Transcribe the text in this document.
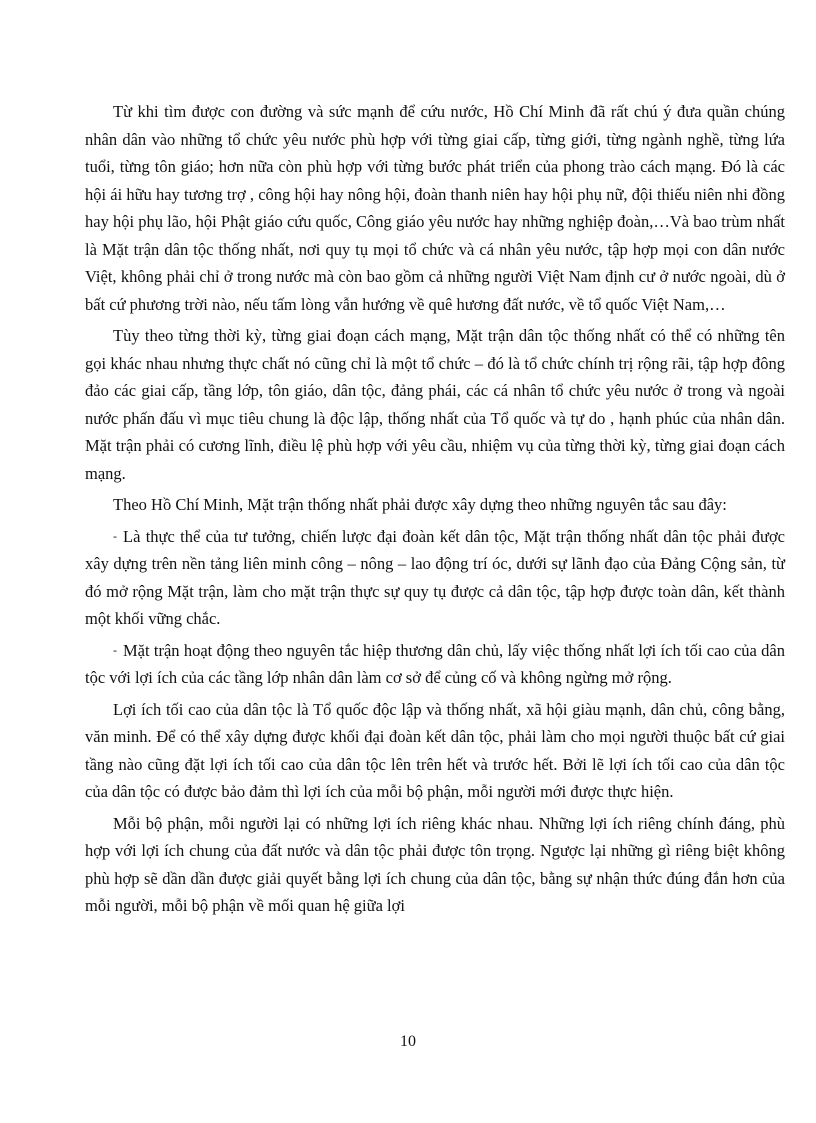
Từ khi tìm được con đường và sức mạnh để cứu nước, Hồ Chí Minh đã rất chú ý đưa quần chúng nhân dân vào những tổ chức yêu nước phù hợp với từng giai cấp, từng giới, từng ngành nghề, từng lứa tuổi, từng tôn giáo; hơn nữa còn phù hợp với từng bước phát triển của phong trào cách mạng. Đó là các hội ái hữu hay tương trợ , công hội hay nông hội, đoàn thanh niên hay hội phụ nữ, đội thiếu niên nhi đồng hay hội phụ lão, hội Phật giáo cứu quốc, Công giáo yêu nước hay những nghiệp đoàn,…Và bao trùm nhất là Mặt trận dân tộc thống nhất, nơi quy tụ mọi tổ chức và cá nhân yêu nước, tập hợp mọi con dân nước Việt, không phải chỉ ở trong nước mà còn bao gồm cả những người Việt Nam định cư ở nước ngoài, dù ở bất cứ phương trời nào, nếu tấm lòng vẫn hướng về quê hương đất nước, về tổ quốc Việt Nam,…

Tùy theo từng thời kỳ, từng giai đoạn cách mạng, Mặt trận dân tộc thống nhất có thể có những tên gọi khác nhau nhưng thực chất nó cũng chỉ là một tổ chức – đó là tổ chức chính trị rộng rãi, tập hợp đông đảo các giai cấp, tầng lớp, tôn giáo, dân tộc, đảng phái, các cá nhân tổ chức yêu nước ở trong và ngoài nước phấn đấu vì mục tiêu chung là độc lập, thống nhất của Tổ quốc và tự do , hạnh phúc của nhân dân. Mặt trận phải có cương lĩnh, điều lệ phù hợp với yêu cầu, nhiệm vụ của từng thời kỳ, từng giai đoạn cách mạng.

Theo Hồ Chí Minh, Mặt trận thống nhất phải được xây dựng theo những nguyên tắc sau đây:

- Là thực thể của tư tưởng, chiến lược đại đoàn kết dân tộc, Mặt trận thống nhất dân tộc phải được xây dựng trên nền tảng liên minh công – nông – lao động trí óc, dưới sự lãnh đạo của Đảng Cộng sản, từ đó mở rộng Mặt trận, làm cho mặt trận thực sự quy tụ được cả dân tộc, tập hợp được toàn dân, kết thành một khối vững chắc.

- Mặt trận hoạt động theo nguyên tắc hiệp thương dân chủ, lấy việc thống nhất lợi ích tối cao của dân tộc với lợi ích của các tầng lớp nhân dân làm cơ sở để củng cố và không ngừng mở rộng.

Lợi ích tối cao của dân tộc là Tổ quốc độc lập và thống nhất, xã hội giàu mạnh, dân chủ, công bằng, văn minh. Để có thể xây dựng được khối đại đoàn kết dân tộc, phải làm cho mọi người thuộc bất cứ giai tầng nào cũng đặt lợi ích tối cao của dân tộc lên trên hết và trước hết. Bởi lẽ lợi ích tối cao của dân tộc của dân tộc có được bảo đảm thì lợi ích của mỗi bộ phận, mỗi người mới được thực hiện.

Mỗi bộ phận, mỗi người lại có những lợi ích riêng khác nhau. Những lợi ích riêng chính đáng, phù hợp với lợi ích chung của đất nước và dân tộc phải được tôn trọng. Ngược lại những gì riêng biệt không phù hợp sẽ dần dần được giải quyết bằng lợi ích chung của dân tộc, bằng sự nhận thức đúng đắn hơn của mỗi người, mỗi bộ phận về mối quan hệ giữa lợi

10
